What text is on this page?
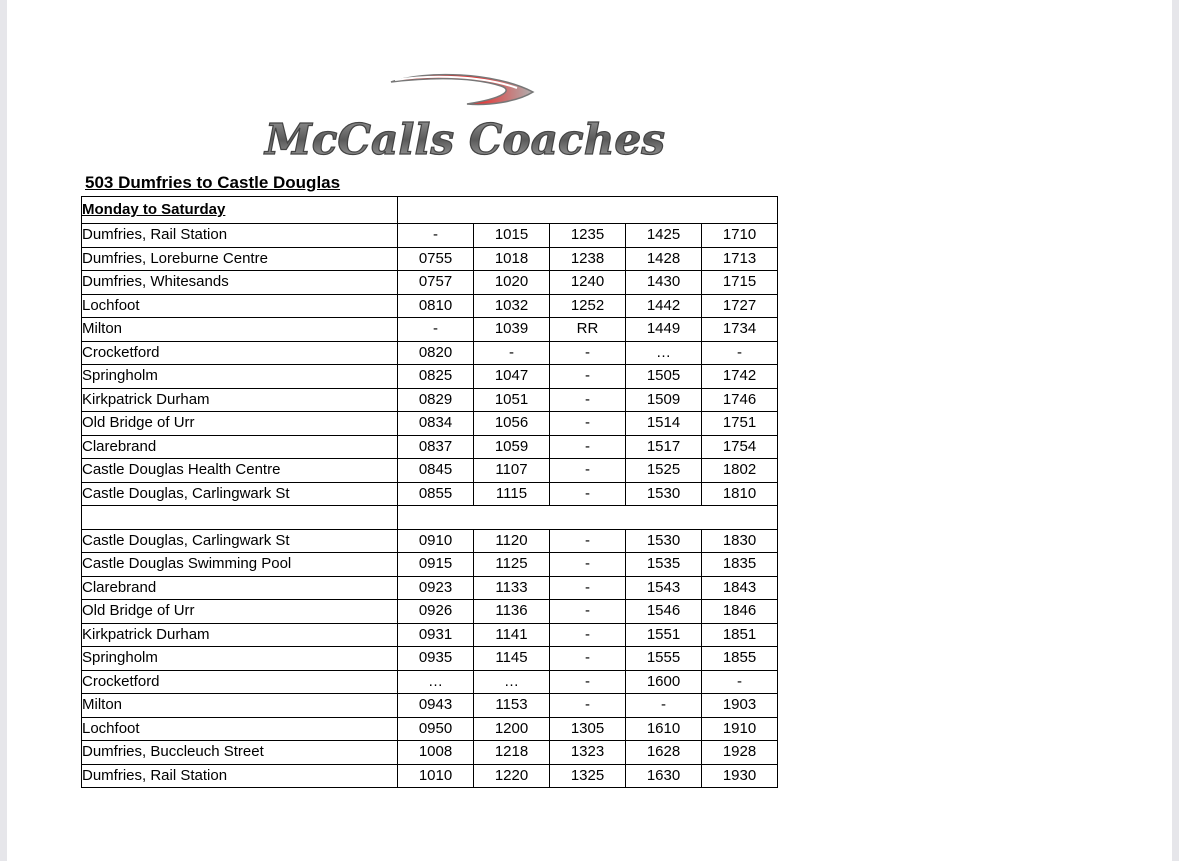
McCalls Coaches
503 Dumfries to Castle Douglas
Monday to Saturday					
Dumfries, Rail Station	-	1015	1235	1425	1710
Dumfries, Loreburne Centre	0755	1018	1238	1428	1713
Dumfries, Whitesands	0757	1020	1240	1430	1715
Lochfoot	0810	1032	1252	1442	1727
Milton	-	1039	RR	1449	1734
Crocketford	0820	-	-	…	-
Springholm	0825	1047	-	1505	1742
Kirkpatrick Durham	0829	1051	-	1509	1746
Old Bridge of Urr	0834	1056	-	1514	1751
Clarebrand	0837	1059	-	1517	1754
Castle Douglas Health Centre	0845	1107	-	1525	1802
Castle Douglas, Carlingwark St	0855	1115	-	1530	1810

Castle Douglas, Carlingwark St	0910	1120	-	1530	1830
Castle Douglas Swimming Pool	0915	1125	-	1535	1835
Clarebrand	0923	1133	-	1543	1843
Old Bridge of Urr	0926	1136	-	1546	1846
Kirkpatrick Durham	0931	1141	-	1551	1851
Springholm	0935	1145	-	1555	1855
Crocketford	…	…	-	1600	-
Milton	0943	1153	-	-	1903
Lochfoot	0950	1200	1305	1610	1910
Dumfries, Buccleuch Street	1008	1218	1323	1628	1928
Dumfries, Rail Station	1010	1220	1325	1630	1930
